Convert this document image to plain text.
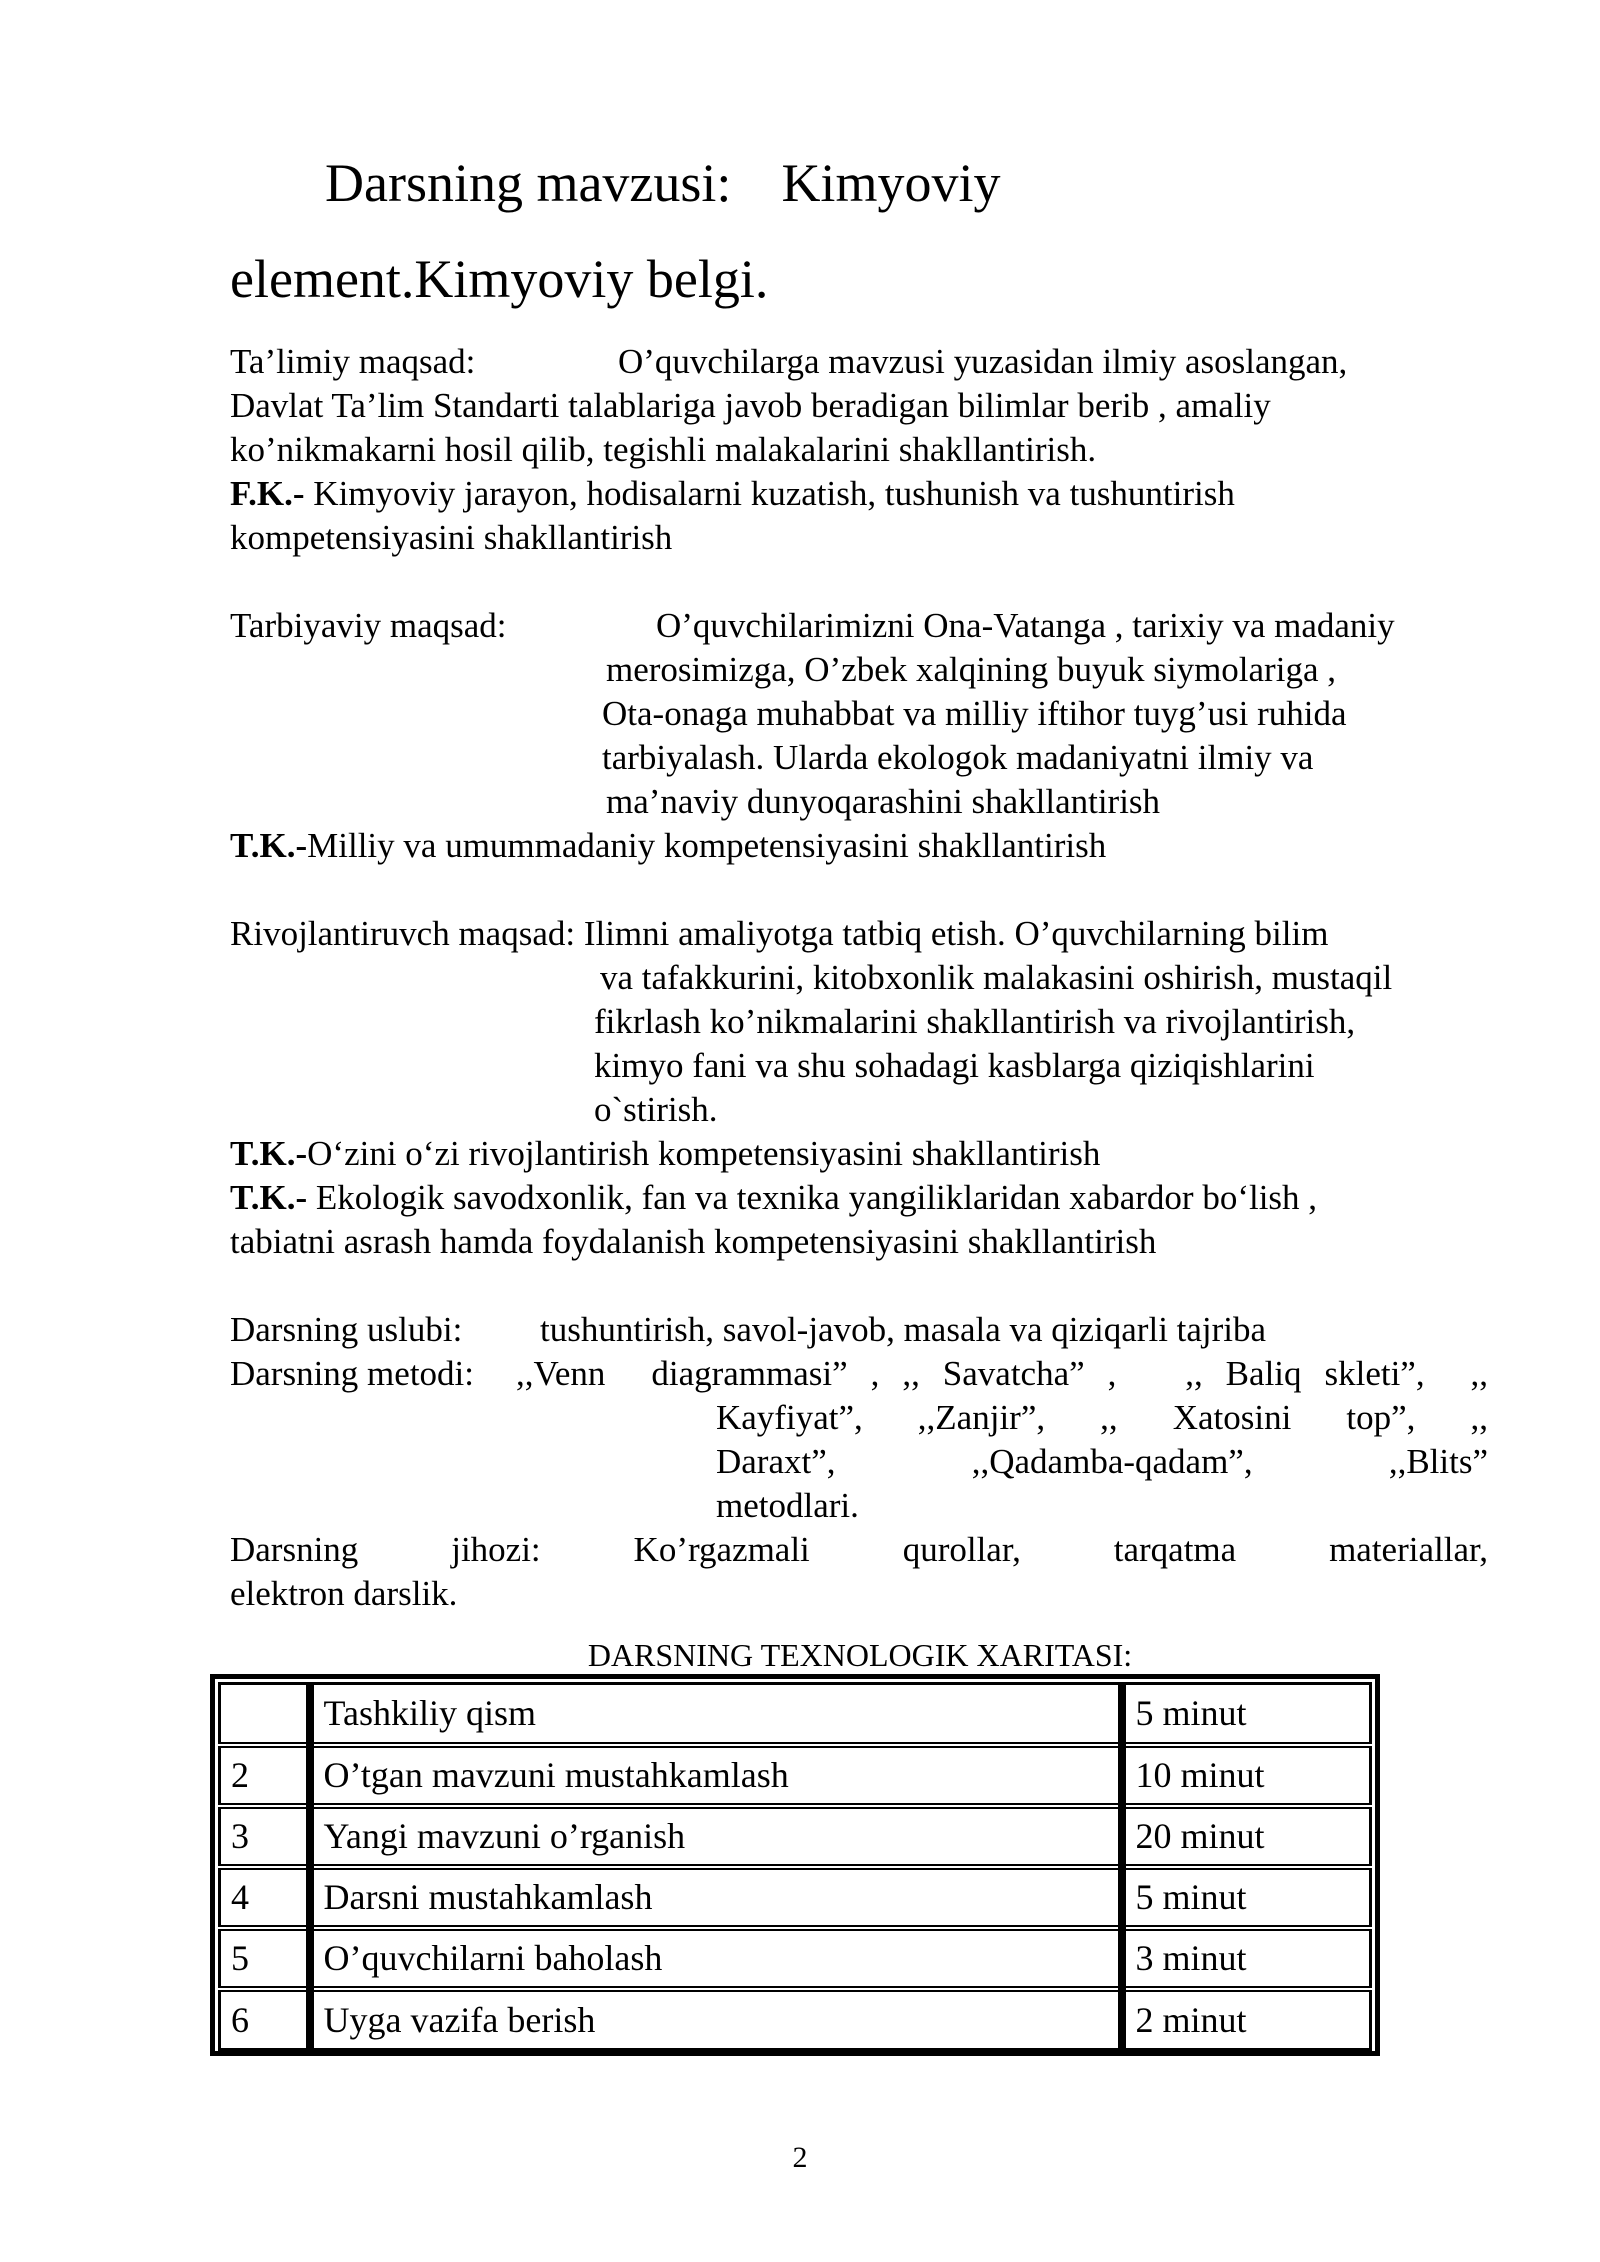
Darsning mavzusi: Kimyoviy
element.Kimyoviy belgi.
Ta’limiy maqsad:	O’quvchilarga mavzusi yuzasidan ilmiy asoslangan,
Davlat Ta’lim Standarti talablariga javob beradigan bilimlar berib , amaliy
ko’nikmakarni hosil qilib, tegishli malakalarini shakllantirish.
F.K.- Kimyoviy jarayon, hodisalarni kuzatish, tushunish va tushuntirish
kompetensiyasini shakllantirish
Tarbiyaviy maqsad:	O’quvchilarimizni Ona-Vatanga , tarixiy va madaniy
merosimizga, O’zbek xalqining buyuk siymolariga ,
Ota-onaga muhabbat va milliy iftihor tuyg’usi ruhida
tarbiyalash. Ularda ekologok madaniyatni ilmiy va
ma’naviy dunyoqarashini shakllantirish
T.K.-Milliy va umummadaniy kompetensiyasini shakllantirish
Rivojlantiruvch maqsad: Ilimni amaliyotga tatbiq etish. O’quvchilarning bilim
va tafakkurini, kitobxonlik malakasini oshirish, mustaqil
fikrlash ko’nikmalarini shakllantirish va rivojlantirish,
kimyo fani va shu sohadagi kasblarga qiziqishlarini
o`stirish.
T.K.-O‘zini o‘zi rivojlantirish kompetensiyasini shakllantirish
T.K.- Ekologik savodxonlik, fan va texnika yangiliklaridan xabardor bo‘lish ,
tabiatni asrash hamda foydalanish kompetensiyasini shakllantirish
Darsning uslubi: tushuntirish, savol-javob, masala va qiziqarli tajriba
Darsning metodi: ,,Venn  diagrammasi” , ,, Savatcha” ,   ,, Baliq skleti”,  ,,
Kayfiyat”, ,,Zanjir”, ,, Xatosini top”, ,,
Daraxt”, ,,Qadamba-qadam”, ,,Blits”
metodlari.
Darsning jihozi: Ko’rgazmali qurollar, tarqatma materiallar,
elektron darslik.
DARSNING TEXNOLOGIK XARITASI:
	Tashkiliy qism	5 minut
2	O’tgan mavzuni mustahkamlash	10 minut
3	Yangi mavzuni o’rganish	20 minut
4	Darsni mustahkamlash	5 minut
5	O’quvchilarni baholash	3 minut
6	Uygа vazifa berish	2 minut
2
